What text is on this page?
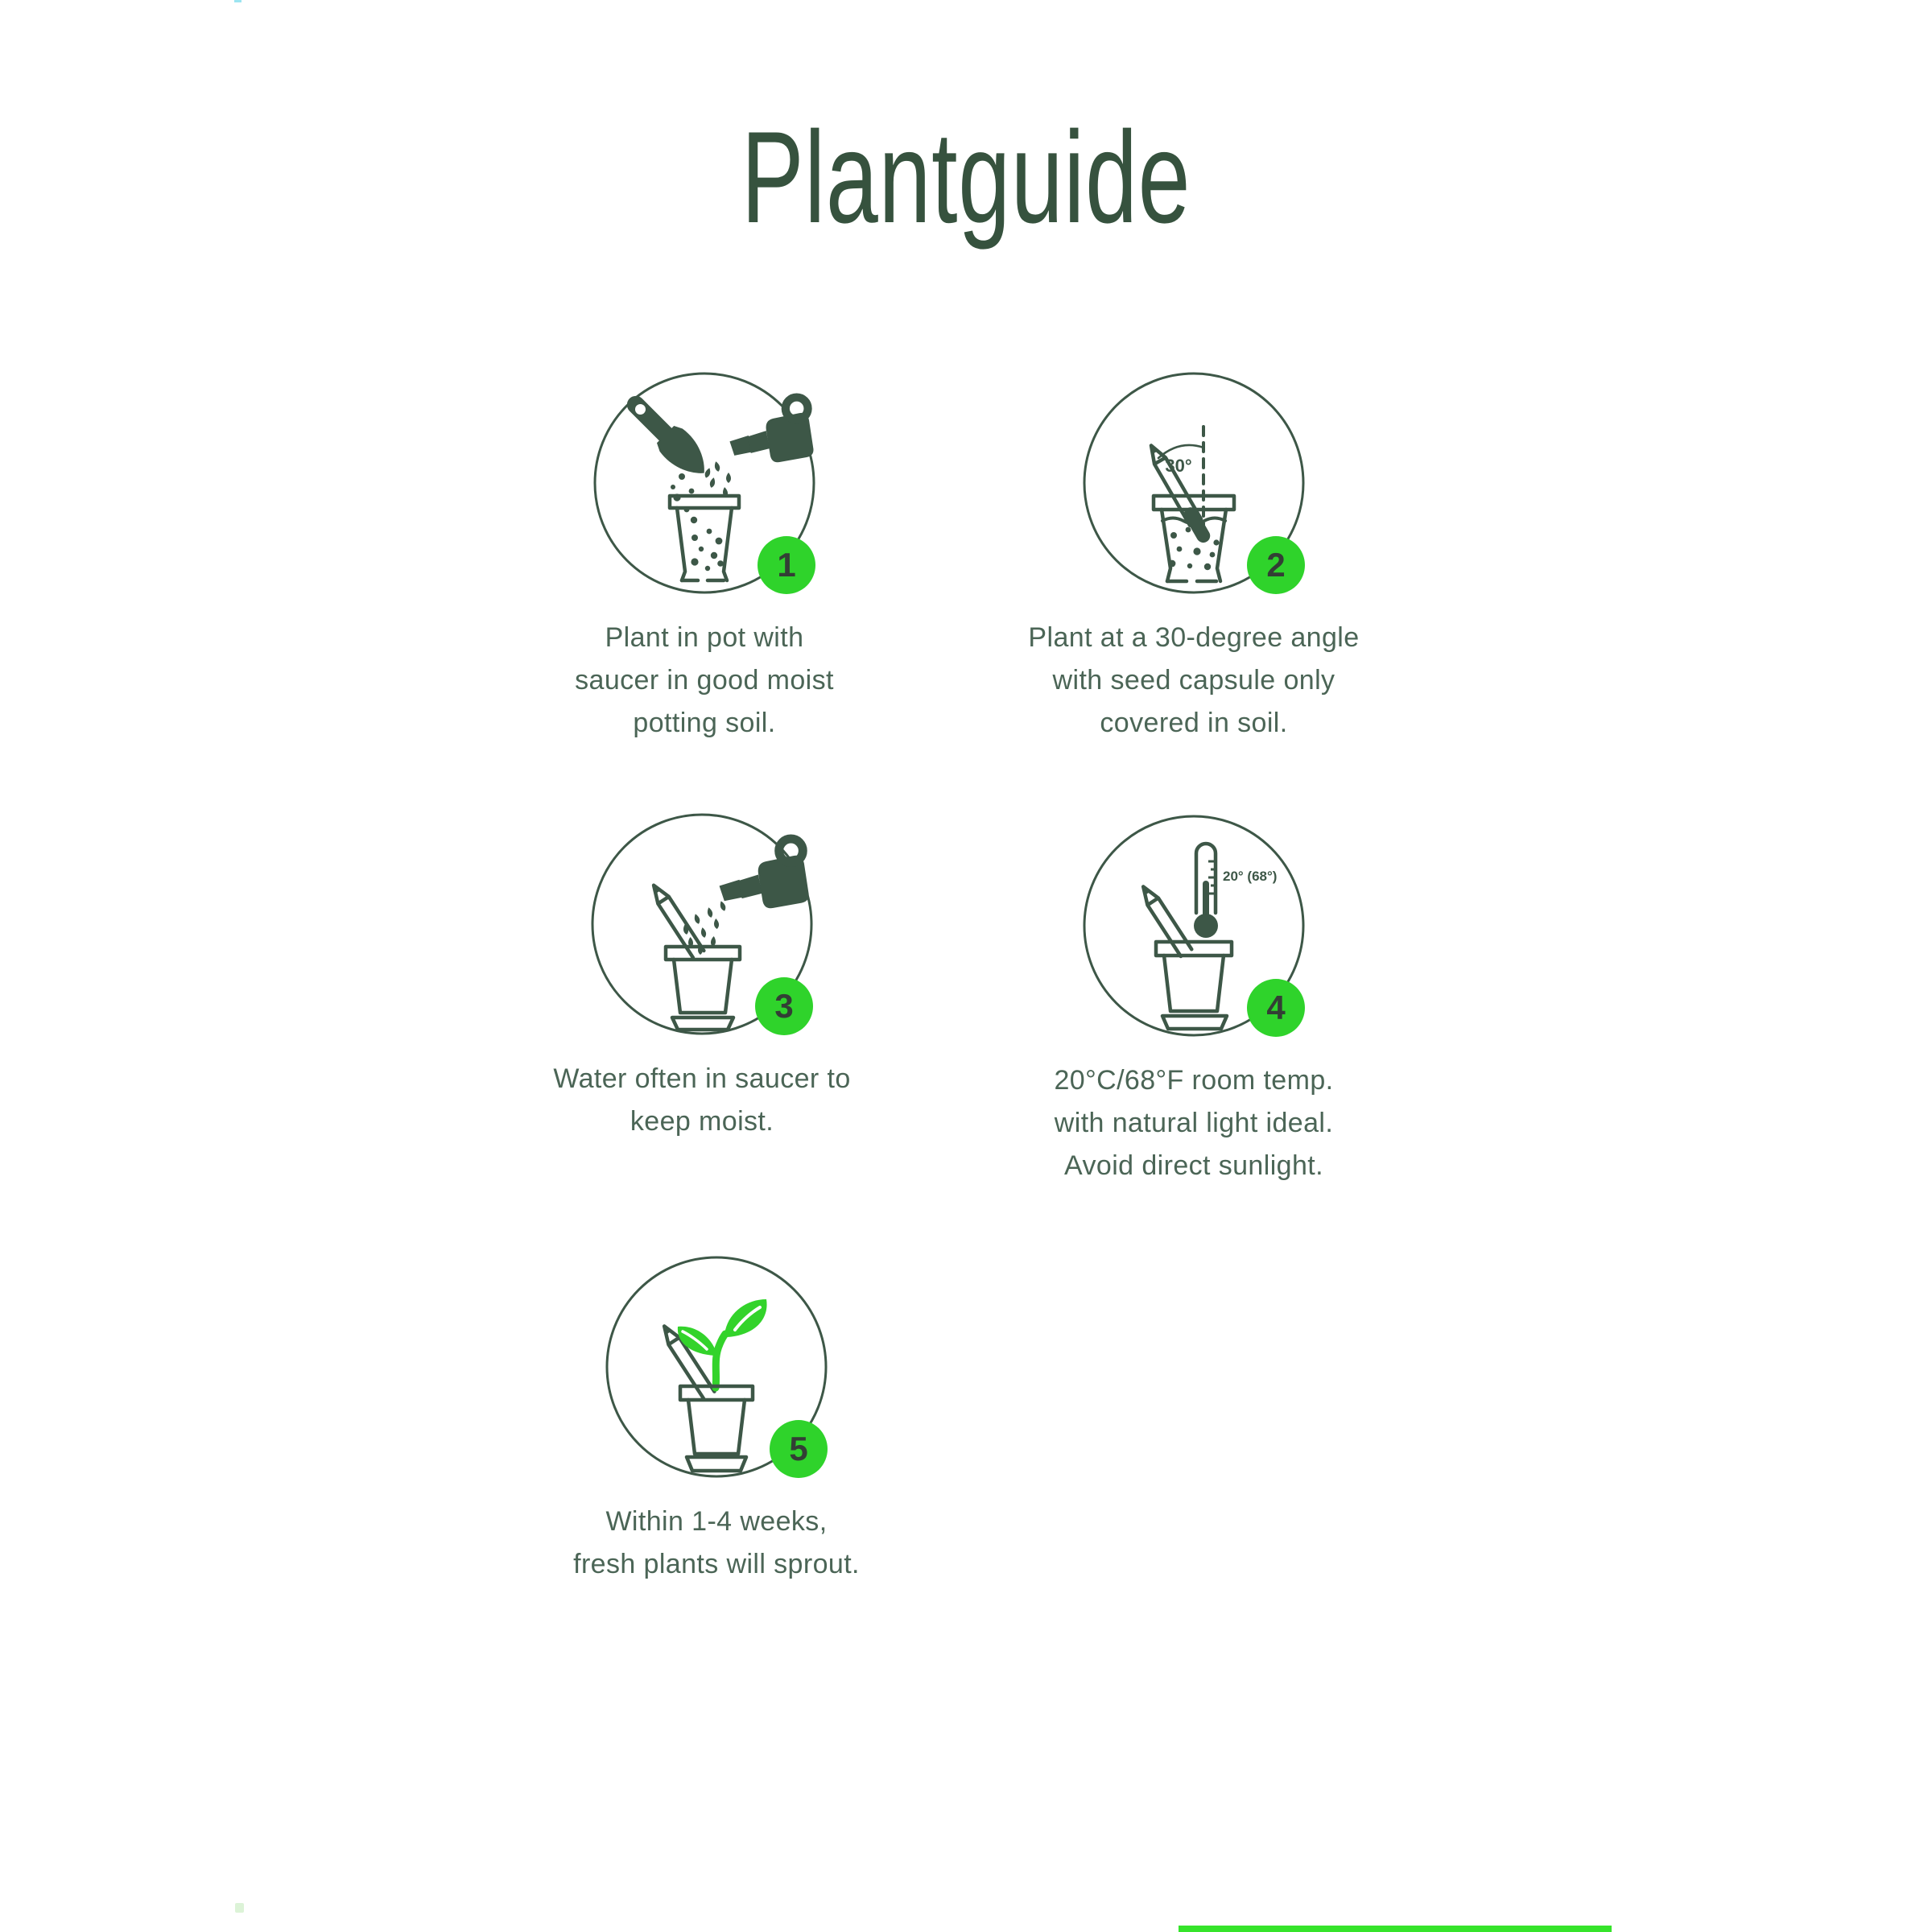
Plantguide
1
Plant in pot with
saucer in good moist
potting soil.
30°
2
Plant at a 30-degree angle
with seed capsule only
covered in soil.
3
Water often in saucer to
keep moist.
20° (68°)
4
20°C/68°F room temp.
with natural light ideal.
Avoid direct sunlight.
5
Within 1-4 weeks,
fresh plants will sprout.
